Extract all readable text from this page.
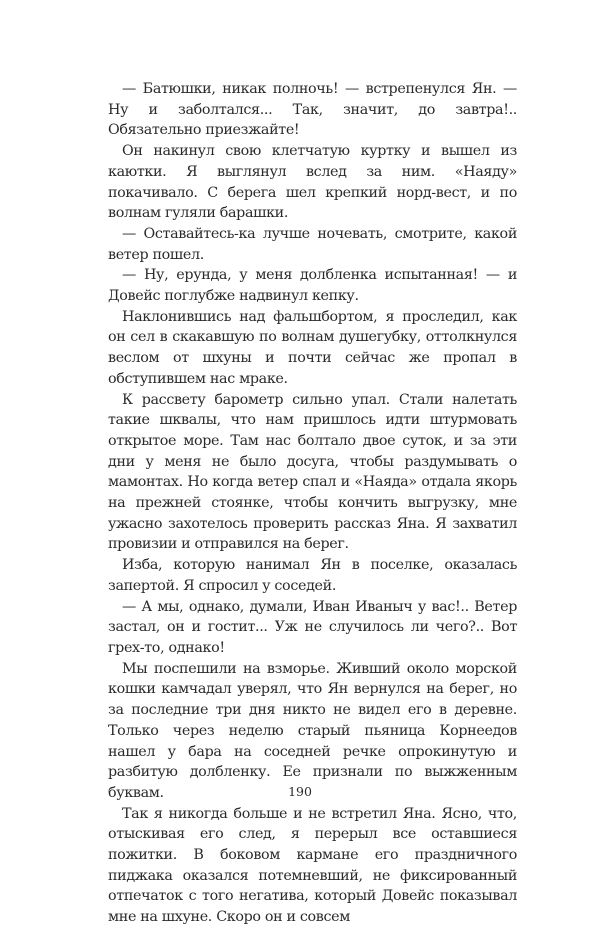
— Батюшки, никак полночь! — встрепенулся Ян. — Ну и заболтался... Так, значит, до завтра!.. Обязательно приезжайте!

Он накинул свою клетчатую куртку и вышел из каютки. Я выглянул вслед за ним. «Наяду» покачивало. С берега шел крепкий норд-вест, и по волнам гуляли барашки.

— Оставайтесь-ка лучше ночевать, смотрите, какой ветер пошел.

— Ну, ерунда, у меня долбленка испытанная! — и Довейс поглубже надвинул кепку.

Наклонившись над фальшбортом, я проследил, как он сел в скакавшую по волнам душегубку, оттолкнулся веслом от шхуны и почти сейчас же пропал в обступившем нас мраке.

К рассвету барометр сильно упал. Стали налетать такие шквалы, что нам пришлось идти штурмовать открытое море. Там нас болтало двое суток, и за эти дни у меня не было досуга, чтобы раздумывать о мамонтах. Но когда ветер спал и «Наяда» отдала якорь на прежней стоянке, чтобы кончить выгрузку, мне ужасно захотелось проверить рассказ Яна. Я захватил провизии и отправился на берег.

Изба, которую нанимал Ян в поселке, оказалась запертой. Я спросил у соседей.

— А мы, однако, думали, Иван Иваныч у вас!.. Ветер застал, он и гостит... Уж не случилось ли чего?.. Вот грех-то, однако!

Мы поспешили на взморье. Живший около морской кошки камчадал уверял, что Ян вернулся на берег, но за последние три дня никто не видел его в деревне. Только через неделю старый пьяница Корнеедов нашел у бара на соседней речке опрокинутую и разбитую долбленку. Ее признали по выжженным буквам.

Так я никогда больше и не встретил Яна. Ясно, что, отыскивая его след, я перерыл все оставшиеся пожитки. В боковом кармане его праздничного пиджака оказался потемневший, не фиксированный отпечаток с того негатива, который Довейс показывал мне на шхуне. Скоро он и совсем

190
